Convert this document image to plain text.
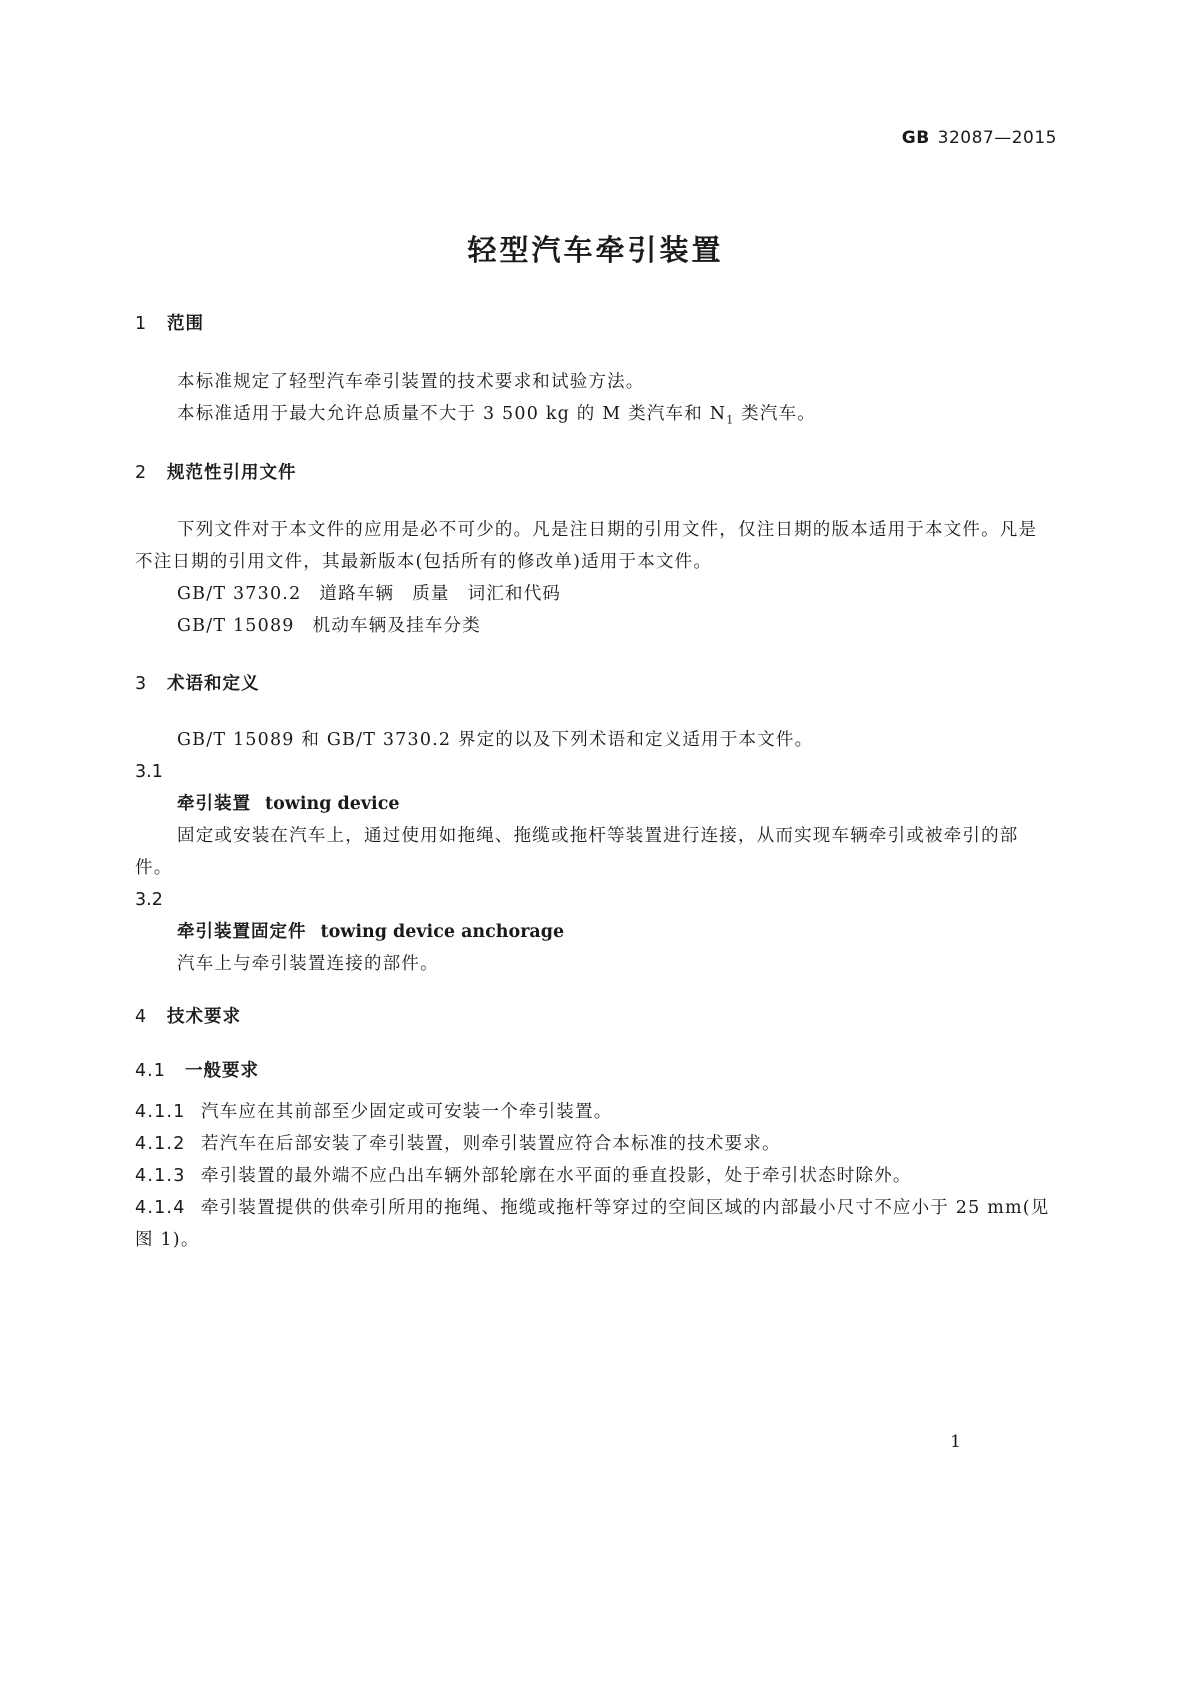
GB 32087—2015
轻型汽车牵引装置
1 范围
本标准规定了轻型汽车牵引装置的技术要求和试验方法。
本标准适用于最大允许总质量不大于 3 500 kg 的 M 类汽车和 $N_1$ 类汽车。
2 规范性引用文件
下列文件对于本文件的应用是必不可少的。凡是注日期的引用文件，仅注日期的版本适用于本文件。凡是不注日期的引用文件，其最新版本(包括所有的修改单)适用于本文件。
GB/T 3730.2 道路车辆 质量 词汇和代码
GB/T 15089 机动车辆及挂车分类
3 术语和定义
GB/T 15089 和 GB/T 3730.2 界定的以及下列术语和定义适用于本文件。
3.1
牵引装置 towing device
固定或安装在汽车上，通过使用如拖绳、拖缆或拖杆等装置进行连接，从而实现车辆牵引或被牵引的部件。
3.2
牵引装置固定件 towing device anchorage
汽车上与牵引装置连接的部件。
4 技术要求
4.1 一般要求
4.1.1 汽车应在其前部至少固定或可安装一个牵引装置。
4.1.2 若汽车在后部安装了牵引装置，则牵引装置应符合本标准的技术要求。
4.1.3 牵引装置的最外端不应凸出车辆外部轮廓在水平面的垂直投影，处于牵引状态时除外。
4.1.4 牵引装置提供的供牵引所用的拖绳、拖缆或拖杆等穿过的空间区域的内部最小尺寸不应小于 25 mm(见图 1)。
1
